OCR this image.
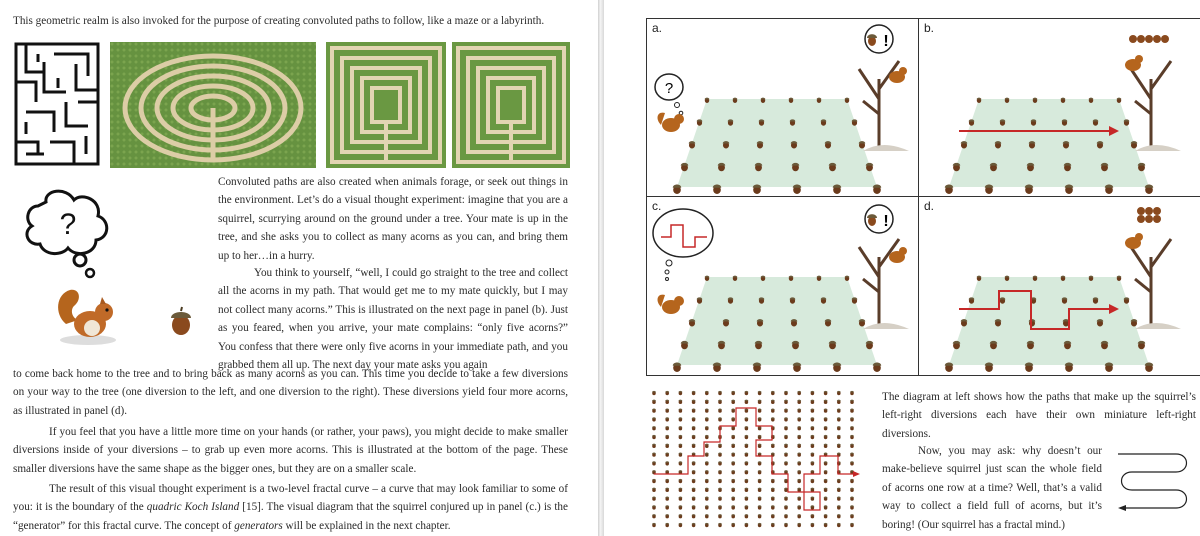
This geometric realm is also invoked for the purpose of creating convoluted paths to follow, like a maze or a labyrinth.
?
Convoluted paths are also created when animals forage, or seek out things in the environment. Let’s do a visual thought experiment: imagine that you are a squirrel, scurrying around on the ground under a tree. Your mate is up in the tree, and she asks you to collect as many acorns as you can, and bring them up to her…in a hurry.
You think to yourself, “well, I could go straight to the tree and collect all the acorns in my path. That would get me to my mate quickly, but I may not collect many acorns.” This is illustrated on the next page in panel (b). Just as you feared, when you arrive, your mate complains: “only five acorns?” You confess that there were only five acorns in your immediate path, and you grabbed them all up. The next day your mate asks you again
to come back home to the tree and to bring back as many acorns as you can. This time you decide to take a few diversions on your way to the tree (one diversion to the left, and one diversion to the right). These diversions yield four more acorns, as illustrated in panel (d).
If you feel that you have a little more time on your hands (or rather, your paws), you might decide to make smaller diversions inside of your diversions – to grab up even more acorns. This is illustrated at the bottom of the page. These smaller diversions have the same shape as the bigger ones, but they are on a smaller scale.
The result of this visual thought experiment is a two-level fractal curve – a curve that may look familiar to some of you: it is the boundary of the quadric Koch Island [15]. The visual diagram that the squirrel conjured up in panel (c.) is the “generator” for this fractal curve. The concept of generators will be explained in the next chapter.
a.
?
!
b.
c.
!
d.
The diagram at left shows how the paths that make up the squirrel’s left-right diversions each have their own miniature left-right diversions.
Now, you may ask: why doesn’t our make-believe squirrel just scan the whole field of acorns one row at a time? Well, that’s a valid way to collect a field full of acorns, but it’s boring! (Our squirrel has a fractal mind.)
